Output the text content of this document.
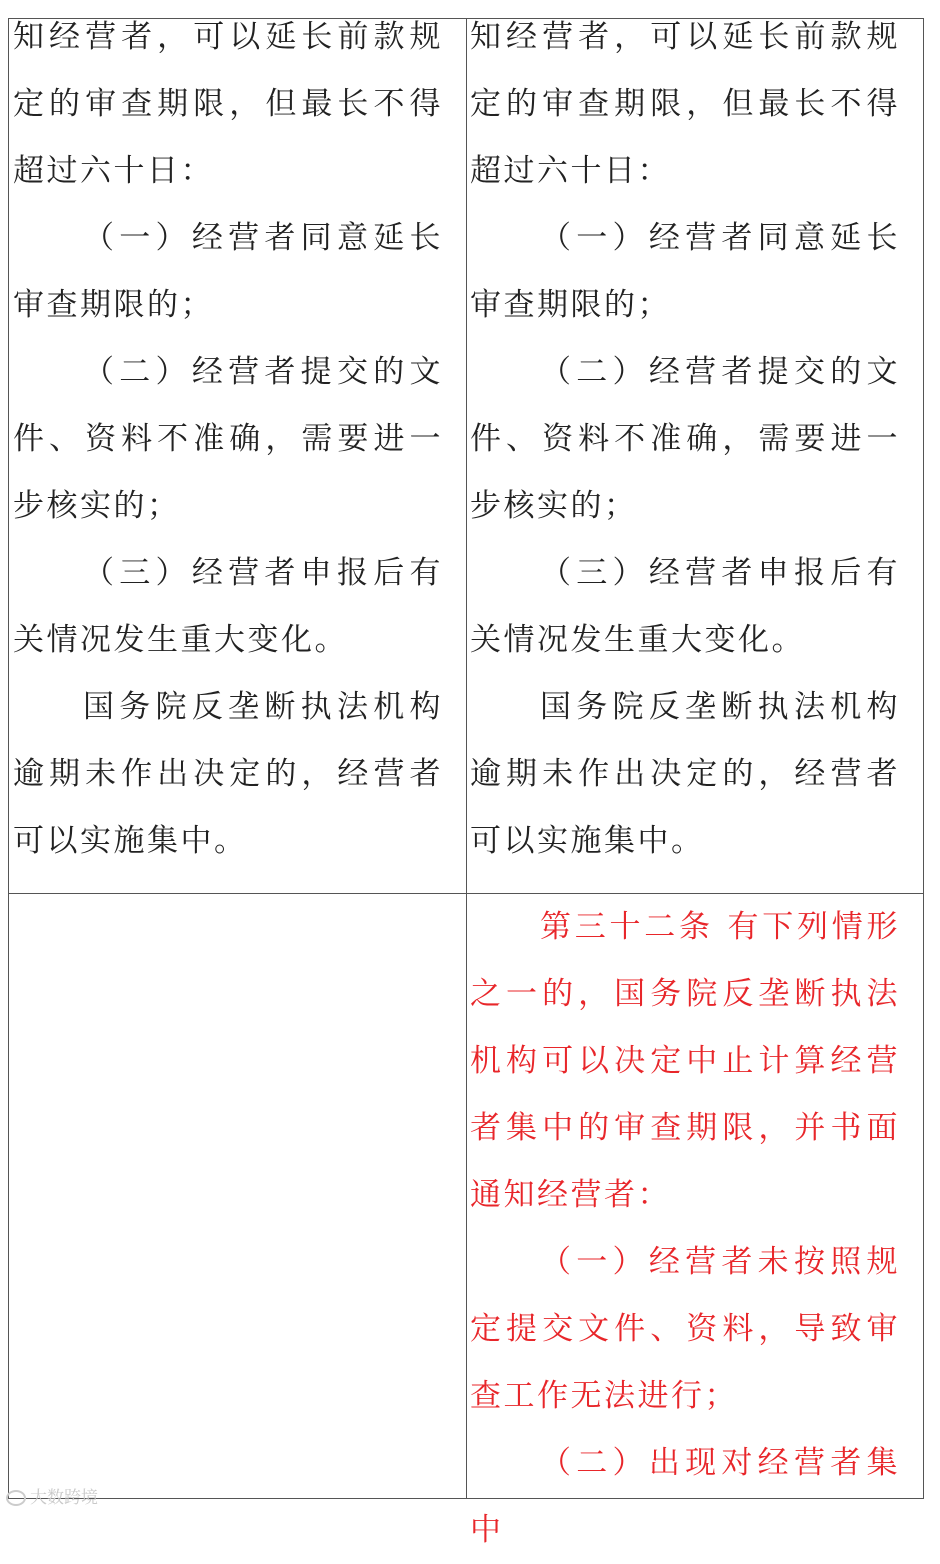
知经营者，可以延长前款规定的审查期限，但最长不得超过六十日：

（一）经营者同意延长审查期限的；

（二）经营者提交的文件、资料不准确，需要进一步核实的；

（三）经营者申报后有关情况发生重大变化。

国务院反垄断执法机构逾期未作出决定的，经营者可以实施集中。

知经营者，可以延长前款规定的审查期限，但最长不得超过六十日：

（一）经营者同意延长审查期限的；

（二）经营者提交的文件、资料不准确，需要进一步核实的；

（三）经营者申报后有关情况发生重大变化。

国务院反垄断执法机构逾期未作出决定的，经营者可以实施集中。

第三十二条 有下列情形之一的，国务院反垄断执法机构可以决定中止计算经营者集中的审查期限，并书面通知经营者：

（一）经营者未按照规定提交文件、资料，导致审查工作无法进行；

（二）出现对经营者集中

大数跨境
